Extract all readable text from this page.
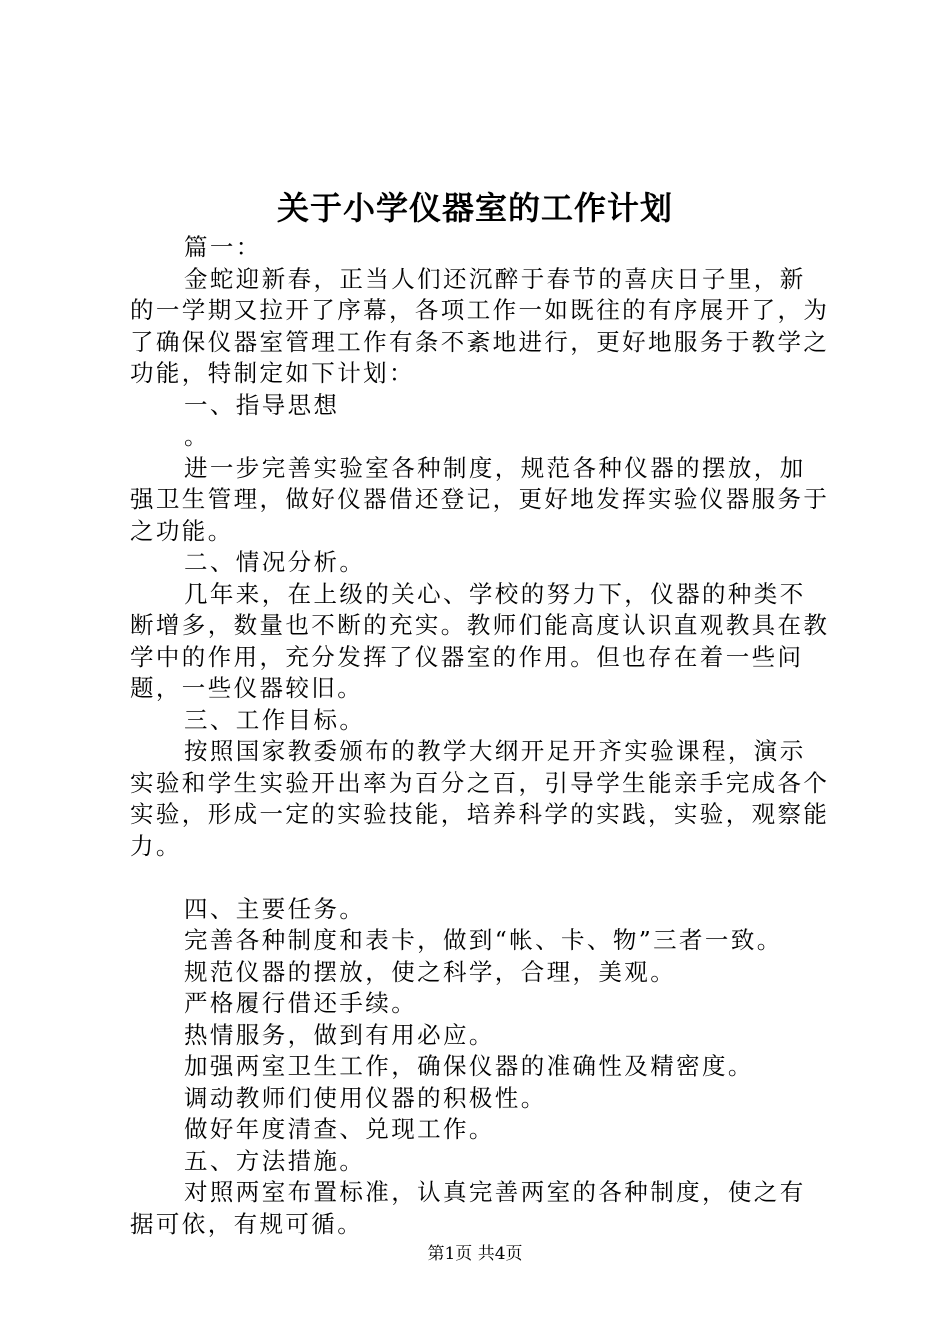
关于小学仪器室的工作计划

篇一：

金蛇迎新春，正当人们还沉醉于春节的喜庆日子里，新的一学期又拉开了序幕，各项工作一如既往的有序展开了，为了确保仪器室管理工作有条不紊地进行，更好地服务于教学之功能，特制定如下计划：

一、指导思想

。

进一步完善实验室各种制度，规范各种仪器的摆放，加强卫生管理，做好仪器借还登记，更好地发挥实验仪器服务于之功能。

二、情况分析。

几年来，在上级的关心、学校的努力下，仪器的种类不断增多，数量也不断的充实。教师们能高度认识直观教具在教学中的作用，充分发挥了仪器室的作用。但也存在着一些问题，一些仪器较旧。

三、工作目标。

按照国家教委颁布的教学大纲开足开齐实验课程，演示实验和学生实验开出率为百分之百，引导学生能亲手完成各个实验，形成一定的实验技能，培养科学的实践，实验，观察能力。

四、主要任务。

完善各种制度和表卡，做到“帐、卡、物”三者一致。

规范仪器的摆放，使之科学，合理，美观。

严格履行借还手续。

热情服务，做到有用必应。

加强两室卫生工作，确保仪器的准确性及精密度。

调动教师们使用仪器的积极性。

做好年度清查、兑现工作。

五、方法措施。

对照两室布置标准，认真完善两室的各种制度，使之有据可依，有规可循。

第1页 共4页
